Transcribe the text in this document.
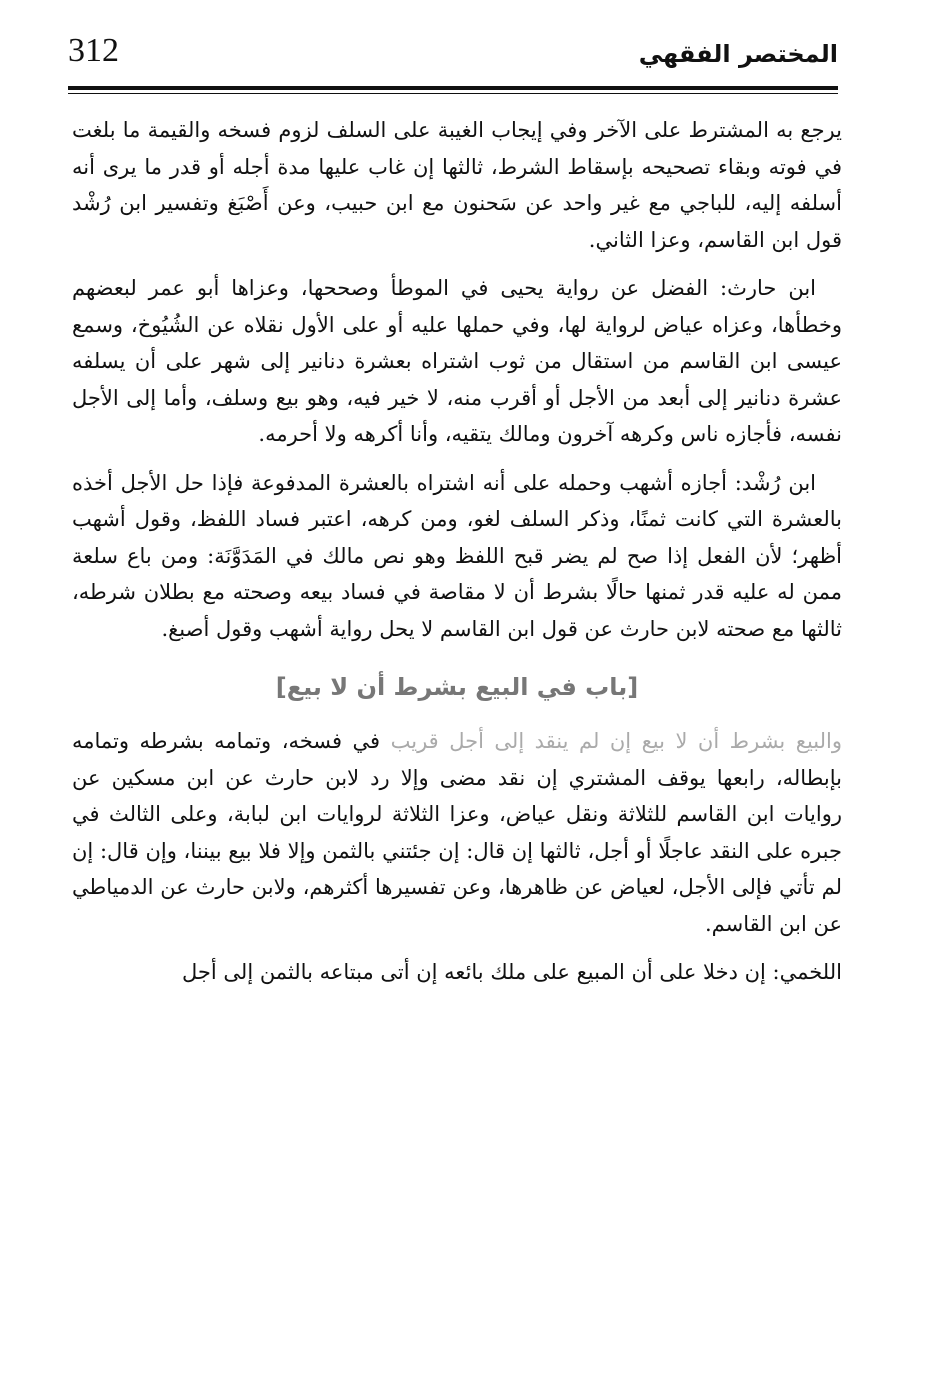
312	المختصر الفقهي

يرجع به المشترط على الآخر وفي إيجاب الغيبة على السلف لزوم فسخه والقيمة ما بلغت في فوته وبقاء تصحيحه بإسقاط الشرط، ثالثها إن غاب عليها مدة أجله أو قدر ما يرى أنه أسلفه إليه، للباجي مع غير واحد عن سَحنون مع ابن حبيب، وعن أَصْبَغ وتفسير ابن رُشْد قول ابن القاسم، وعزا الثاني.

ابن حارث: الفضل عن رواية يحيى في الموطأ وصححها، وعزاها أبو عمر لبعضهم وخطأها، وعزاه عياض لرواية لها، وفي حملها عليه أو على الأول نقلاه عن الشُيُوخ، وسمع عيسى ابن القاسم من استقال من ثوب اشتراه بعشرة دنانير إلى شهر على أن يسلفه عشرة دنانير إلى أبعد من الأجل أو أقرب منه، لا خير فيه، وهو بيع وسلف، وأما إلى الأجل نفسه، فأجازه ناس وكرهه آخرون ومالك يتقيه، وأنا أكرهه ولا أحرمه.

ابن رُشْد: أجازه أشهب وحمله على أنه اشتراه بالعشرة المدفوعة فإذا حل الأجل أخذه بالعشرة التي كانت ثمنًا، وذكر السلف لغو، ومن كرهه، اعتبر فساد اللفظ، وقول أشهب أظهر؛ لأن الفعل إذا صح لم يضر قبح اللفظ وهو نص مالك في المَدَوَّنَة: ومن باع سلعة ممن له عليه قدر ثمنها حالًا بشرط أن لا مقاصة في فساد بيعه وصحته مع بطلان شرطه، ثالثها مع صحته لابن حارث عن قول ابن القاسم لا يحل رواية أشهب وقول أصبغ.

[باب في البيع بشرط أن لا بيع]

والبيع بشرط أن لا بيع إن لم ينقد إلى أجل قريب في فسخه، وتمامه بشرطه وتمامه بإبطاله، رابعها يوقف المشتري إن نقد مضى وإلا رد لابن حارث عن ابن مسكين عن روايات ابن القاسم للثلاثة ونقل عياض، وعزا الثلاثة لروايات ابن لبابة، وعلى الثالث في جبره على النقد عاجلًا أو أجل، ثالثها إن قال: إن جئتني بالثمن وإلا فلا بيع بيننا، وإن قال: إن لم تأتي فإلى الأجل، لعياض عن ظاهرها، وعن تفسيرها أكثرهم، ولابن حارث عن الدمياطي عن ابن القاسم.

اللخمي: إن دخلا على أن المبيع على ملك بائعه إن أتى مبتاعه بالثمن إلى أجل
